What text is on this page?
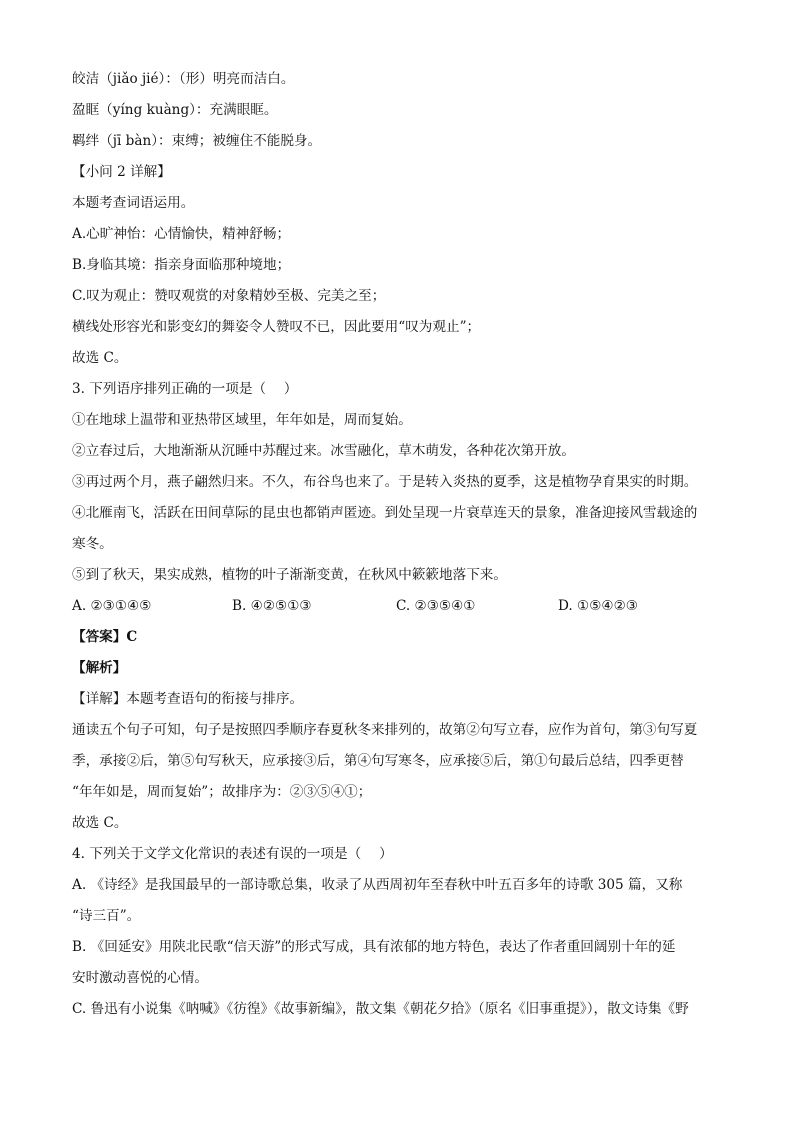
皎洁（jiǎo jié）：（形）明亮而洁白。
盈眶（yíng kuàng）：充满眼眶。
羁绊（jī bàn）：束缚；被缠住不能脱身。
【小问 2 详解】
本题考查词语运用。
A.心旷神怡：心情愉快，精神舒畅；
B.身临其境：指亲身面临那种境地；
C.叹为观止：赞叹观赏的对象精妙至极、完美之至；
横线处形容光和影变幻的舞姿令人赞叹不已，因此要用“叹为观止”；
故选 C。
3. 下列语序排列正确的一项是（　 ）
①在地球上温带和亚热带区域里，年年如是，周而复始。
②立春过后，大地渐渐从沉睡中苏醒过来。冰雪融化，草木萌发，各种花次第开放。
③再过两个月，燕子翩然归来。不久，布谷鸟也来了。于是转入炎热的夏季，这是植物孕育果实的时期。
④北雁南飞，活跃在田间草际的昆虫也都销声匿迹。到处呈现一片衰草连天的景象，准备迎接风雪载途的
寒冬。
⑤到了秋天，果实成熟，植物的叶子渐渐变黄，在秋风中簌簌地落下来。
A. ②③①④⑤	B. ④②⑤①③	C. ②③⑤④①	D. ①⑤④②③
【答案】C
【解析】
【详解】本题考查语句的衔接与排序。
通读五个句子可知，句子是按照四季顺序春夏秋冬来排列的，故第②句写立春，应作为首句，第③句写夏
季，承接②后，第⑤句写秋天，应承接③后，第④句写寒冬，应承接⑤后，第①句最后总结，四季更替
“年年如是，周而复始”；故排序为：②③⑤④①；
故选 C。
4. 下列关于文学文化常识的表述有误的一项是（　 ）
A. 《诗经》是我国最早的一部诗歌总集，收录了从西周初年至春秋中叶五百多年的诗歌 305 篇，又称
“诗三百”。
B. 《回延安》用陕北民歌“信天游”的形式写成，具有浓郁的地方特色，表达了作者重回阔别十年的延
安时激动喜悦的心情。
C. 鲁迅有小说集《呐喊》《彷徨》《故事新编》，散文集《朝花夕拾》（原名《旧事重提》），散文诗集《野
